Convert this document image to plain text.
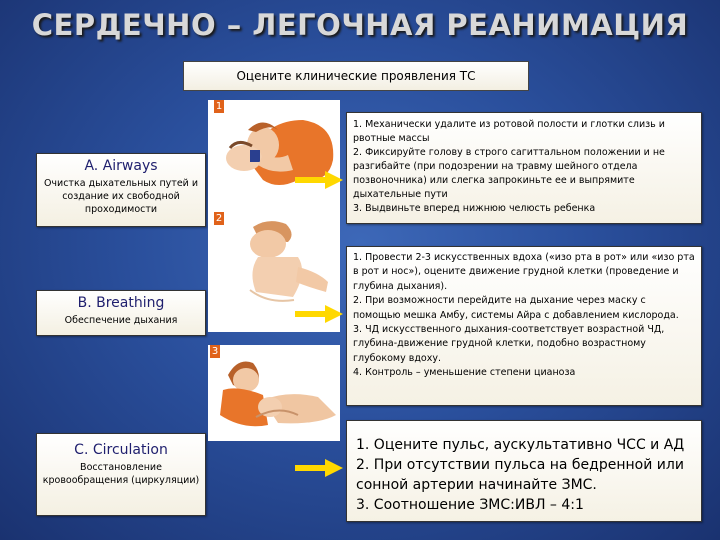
СЕРДЕЧНО – ЛЕГОЧНАЯ РЕАНИМАЦИЯ
Оцените клинические проявления ТС
A. Airways
Очистка дыхательных путей и создание их свободной проходимости
B. Breathing
Обеспечение дыхания
C. Circulation
Восстановление кровообращения (циркуляции)
1
2
3
1. Механически удалите из ротовой полости и глотки слизь и рвотные массы
2. Фиксируйте голову в строго сагиттальном положении и не разгибайте (при подозрении на травму шейного отдела позвоночника) или слегка запрокиньте ее и выпрямите дыхательные пути
3. Выдвиньте вперед нижнюю челюсть ребенка
1. Провести 2-3 искусственных вдоха («изо рта в рот» или «изо рта в рот и нос»), оцените движение грудной клетки (проведение и глубина дыхания).
2. При возможности перейдите на дыхание через маску с помощью мешка Амбу, системы Айра с добавлением кислорода.
3. ЧД искусственного дыхания-соответствует возрастной ЧД, глубина-движение грудной клетки, подобно возрастному глубокому вдоху.
4. Контроль – уменьшение степени цианоза
1. Оцените пульс, аускультативно ЧСС и АД
2. При отсутствии пульса на бедренной или сонной артерии начинайте ЗМС.
3. Соотношение ЗМС:ИВЛ – 4:1
